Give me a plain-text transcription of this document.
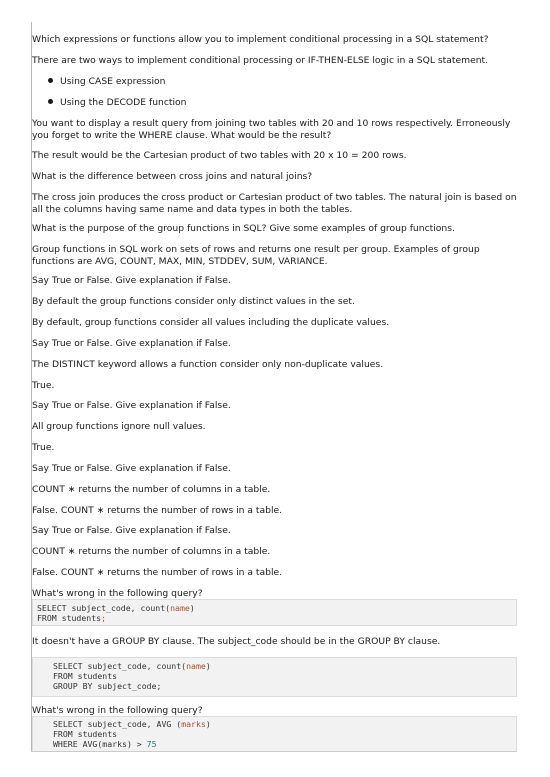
Which expressions or functions allow you to implement conditional processing in a SQL statement?

There are two ways to implement conditional processing or IF-THEN-ELSE logic in a SQL statement.

Using CASE expression
Using the DECODE function

You want to display a result query from joining two tables with 20 and 10 rows respectively. Erroneously you forget to write the WHERE clause. What would be the result?

The result would be the Cartesian product of two tables with 20 x 10 = 200 rows.

What is the difference between cross joins and natural joins?

The cross join produces the cross product or Cartesian product of two tables. The natural join is based on all the columns having same name and data types in both the tables.

What is the purpose of the group functions in SQL? Give some examples of group functions.

Group functions in SQL work on sets of rows and returns one result per group. Examples of group functions are AVG, COUNT, MAX, MIN, STDDEV, SUM, VARIANCE.

Say True or False. Give explanation if False.

By default the group functions consider only distinct values in the set.

By default, group functions consider all values including the duplicate values.

Say True or False. Give explanation if False.

The DISTINCT keyword allows a function consider only non-duplicate values.

True.

Say True or False. Give explanation if False.

All group functions ignore null values.

True.

Say True or False. Give explanation if False.

COUNT ∗ returns the number of columns in a table.

False. COUNT ∗ returns the number of rows in a table.

Say True or False. Give explanation if False.

COUNT ∗ returns the number of columns in a table.

False. COUNT ∗ returns the number of rows in a table.

What's wrong in the following query?

SELECT subject_code, count(name)
FROM students;

It doesn't have a GROUP BY clause. The subject_code should be in the GROUP BY clause.

SELECT subject_code, count(name)
FROM students
GROUP BY subject_code;

What's wrong in the following query?

SELECT subject_code, AVG (marks)
FROM students
WHERE AVG(marks) > 75
